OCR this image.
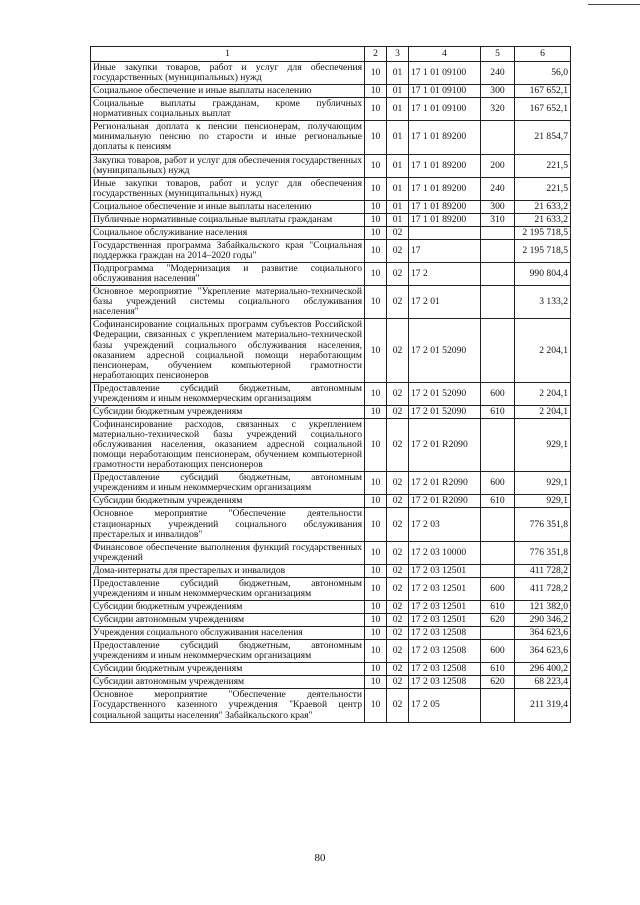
1	2	3	4	5	6
Иные закупки товаров, работ и услуг для обеспечения государственных (муниципальных) нужд	10	01	17 1 01 09100	240	56,0
Социальное обеспечение и иные выплаты населению	10	01	17 1 01 09100	300	167 652,1
Социальные выплаты гражданам, кроме публичных нормативных социальных выплат	10	01	17 1 01 09100	320	167 652,1
Региональная доплата к пенсии пенсионерам, получающим минимальную пенсию по старости и иные региональные доплаты к пенсиям	10	01	17 1 01 89200		21 854,7
Закупка товаров, работ и услуг для обеспечения государственных (муниципальных) нужд	10	01	17 1 01 89200	200	221,5
Иные закупки товаров, работ и услуг для обеспечения государственных (муниципальных) нужд	10	01	17 1 01 89200	240	221,5
Социальное обеспечение и иные выплаты населению	10	01	17 1 01 89200	300	21 633,2
Публичные нормативные социальные выплаты гражданам	10	01	17 1 01 89200	310	21 633,2
Социальное обслуживание населения	10	02			2 195 718,5
Государственная программа Забайкальского края "Социальная поддержка граждан на 2014–2020 годы"	10	02	17		2 195 718,5
Подпрограмма "Модернизация и развитие социального обслуживания населения"	10	02	17 2		990 804,4
Основное мероприятие "Укрепление материально-технической базы учреждений системы социального обслуживания населения"	10	02	17 2 01		3 133,2
Софинансирование социальных программ субъектов Российской Федерации, связанных с укреплением материально-технической базы учреждений социального обслуживания населения, оказанием адресной социальной помощи неработающим пенсионерам, обучением компьютерной грамотности неработающих пенсионеров	10	02	17 2 01 52090		2 204,1
Предоставление субсидий бюджетным, автономным учреждениям и иным некоммерческим организациям	10	02	17 2 01 52090	600	2 204,1
Субсидии бюджетным учреждениям	10	02	17 2 01 52090	610	2 204,1
Софинансирование расходов, связанных с укреплением материально-технической базы учреждений социального обслуживания населения, оказанием адресной социальной помощи неработающим пенсионерам, обучением компьютерной грамотности неработающих пенсионеров	10	02	17 2 01 R2090		929,1
Предоставление субсидий бюджетным, автономным учреждениям и иным некоммерческим организациям	10	02	17 2 01 R2090	600	929,1
Субсидии бюджетным учреждениям	10	02	17 2 01 R2090	610	929,1
Основное мероприятие "Обеспечение деятельности стационарных учреждений социального обслуживания престарелых и инвалидов"	10	02	17 2 03		776 351,8
Финансовое обеспечение выполнения функций государственных учреждений	10	02	17 2 03 10000		776 351,8
Дома-интернаты для престарелых и инвалидов	10	02	17 2 03 12501		411 728,2
Предоставление субсидий бюджетным, автономным учреждениям и иным некоммерческим организациям	10	02	17 2 03 12501	600	411 728,2
Субсидии бюджетным учреждениям	10	02	17 2 03 12501	610	121 382,0
Субсидии автономным учреждениям	10	02	17 2 03 12501	620	290 346,2
Учреждения социального обслуживания населения	10	02	17 2 03 12508		364 623,6
Предоставление субсидий бюджетным, автономным учреждениям и иным некоммерческим организациям	10	02	17 2 03 12508	600	364 623,6
Субсидии бюджетным учреждениям	10	02	17 2 03 12508	610	296 400,2
Субсидии автономным учреждениям	10	02	17 2 03 12508	620	68 223,4
Основное мероприятие "Обеспечение деятельности Государственного казенного учреждения "Краевой центр социальной защиты населения" Забайкальского края"	10	02	17 2 05		211 319,4
80
